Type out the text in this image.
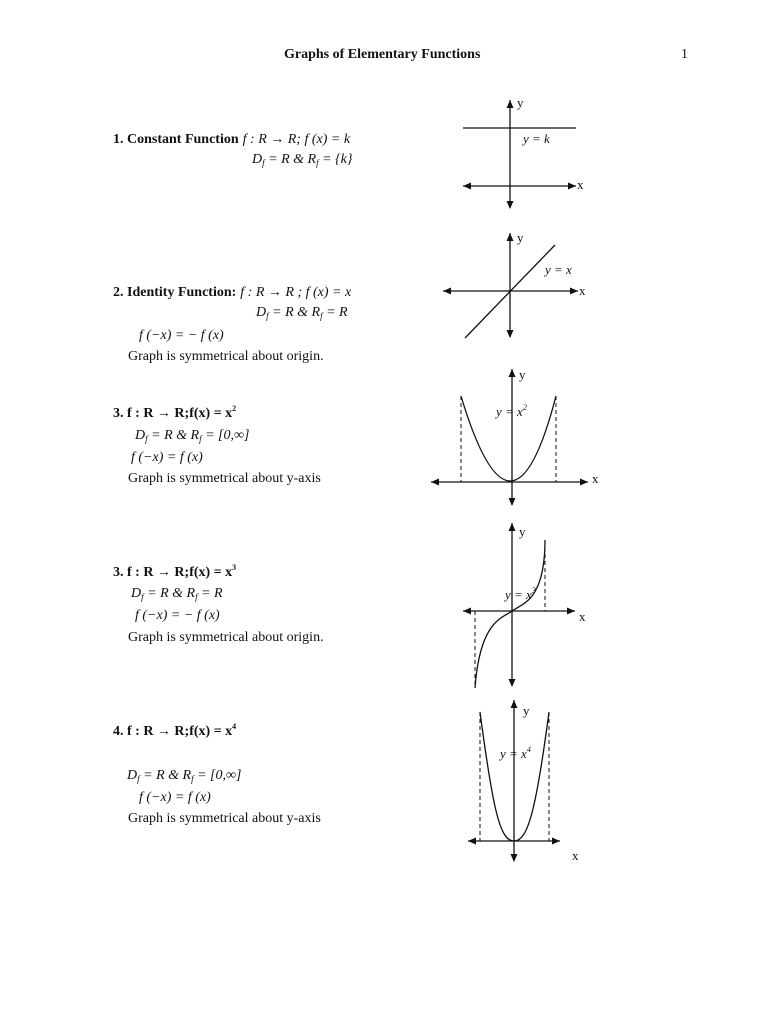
Graphs of Elementary Functions	1
1. Constant Function f : R → R; f (x) = k
$D_f = R$ & $R_f = \{k\}$
y
x
y = k
2. Identity Function: f : R → R ; f (x) = x
$D_f = R$ & $R_f = R$
f (−x) = − f (x)
Graph is symmetrical about origin.
y
x
y = x
3. f : R → R;f(x) = $x^2$
$D_f = R$ & $R_f = [0,\infty]$
f (−x) = f (x)
Graph is symmetrical about y-axis
y
x
$y = x^2$
3. f : R → R;f(x) = $x^3$
$D_f = R$ & $R_f = R$
f (−x) = − f (x)
Graph is symmetrical about origin.
y
x
$y = x^3$
4. f : R → R;f(x) = $x^4$
$D_f = R$ & $R_f = [0,\infty]$
f (−x) = f (x)
Graph is symmetrical about y-axis
y
x
$y = x^4$
